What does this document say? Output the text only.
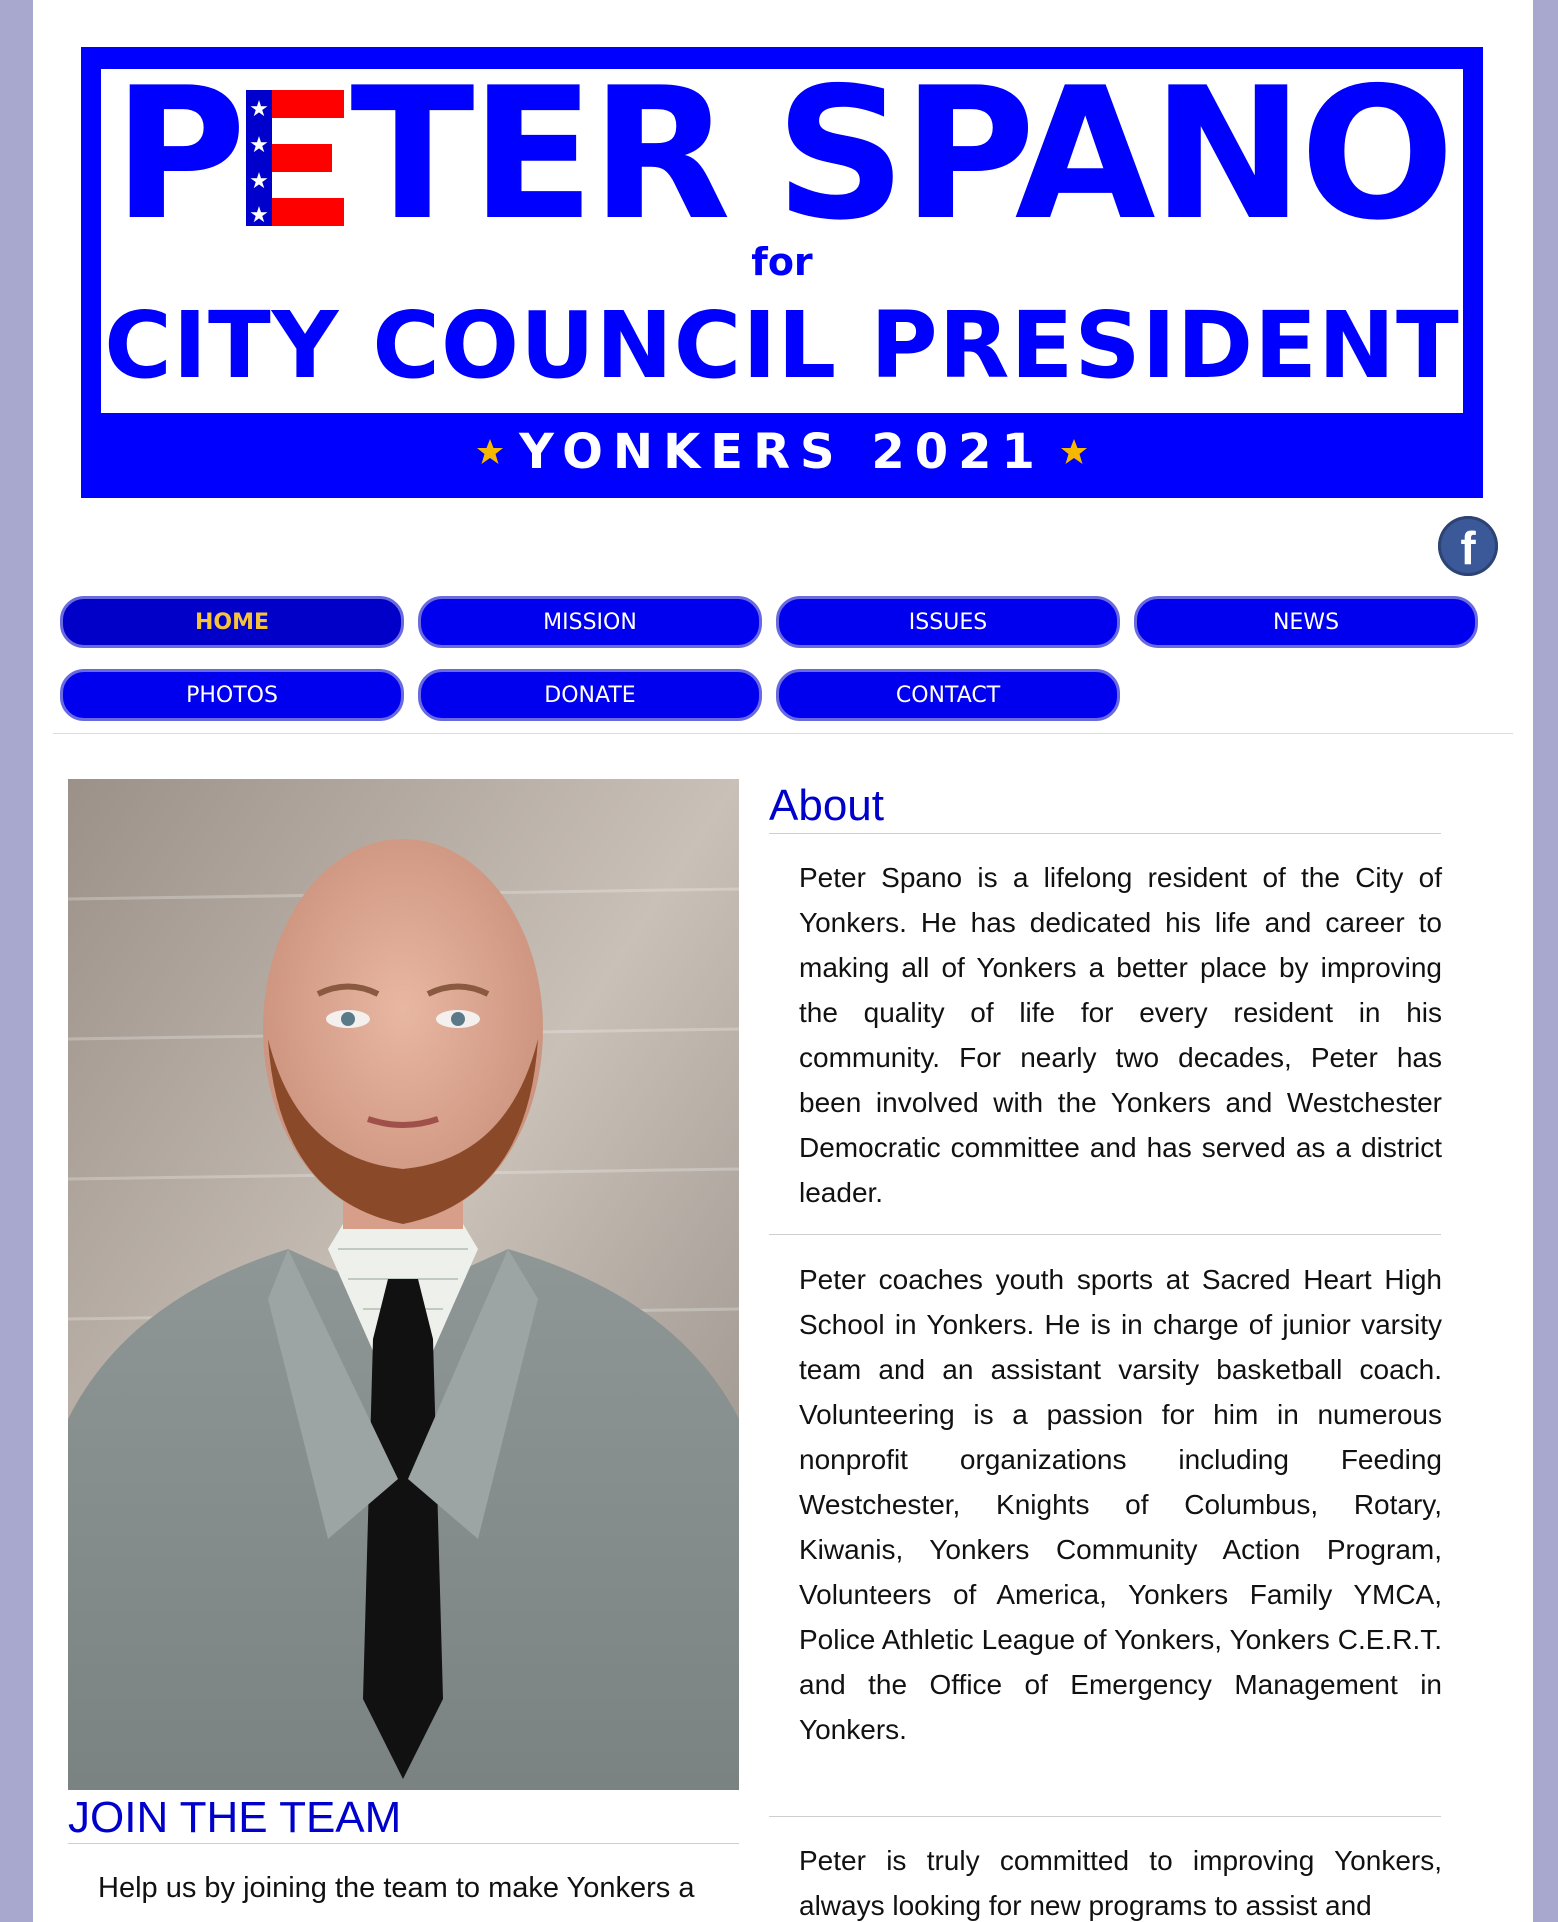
P ★
★
★
★ TER SPANO
for
CITY COUNCIL PRESIDENT
YONKERS 2021
f
HOME	MISSION	ISSUES	NEWS
PHOTOS	DONATE	CONTACT
JOIN THE TEAM
Help us by joining the team to make Yonkers a
About

Peter Spano is a lifelong resident of the City of Yonkers. He has dedicated his life and career to making all of Yonkers a better place by improving the quality of life for every resident in his community. For nearly two decades, Peter has been involved with the Yonkers and Westchester Democratic committee and has served as a district leader.

Peter coaches youth sports at Sacred Heart High School in Yonkers. He is in charge of junior varsity team and an assistant varsity basketball coach. Volunteering is a passion for him in numerous nonprofit organizations including Feeding Westchester, Knights of Columbus, Rotary, Kiwanis, Yonkers Community Action Program, Volunteers of America, Yonkers Family YMCA, Police Athletic League of Yonkers, Yonkers C.E.R.T. and the Office of Emergency Management in Yonkers.

Peter is truly committed to improving Yonkers, always looking for new programs to assist and
